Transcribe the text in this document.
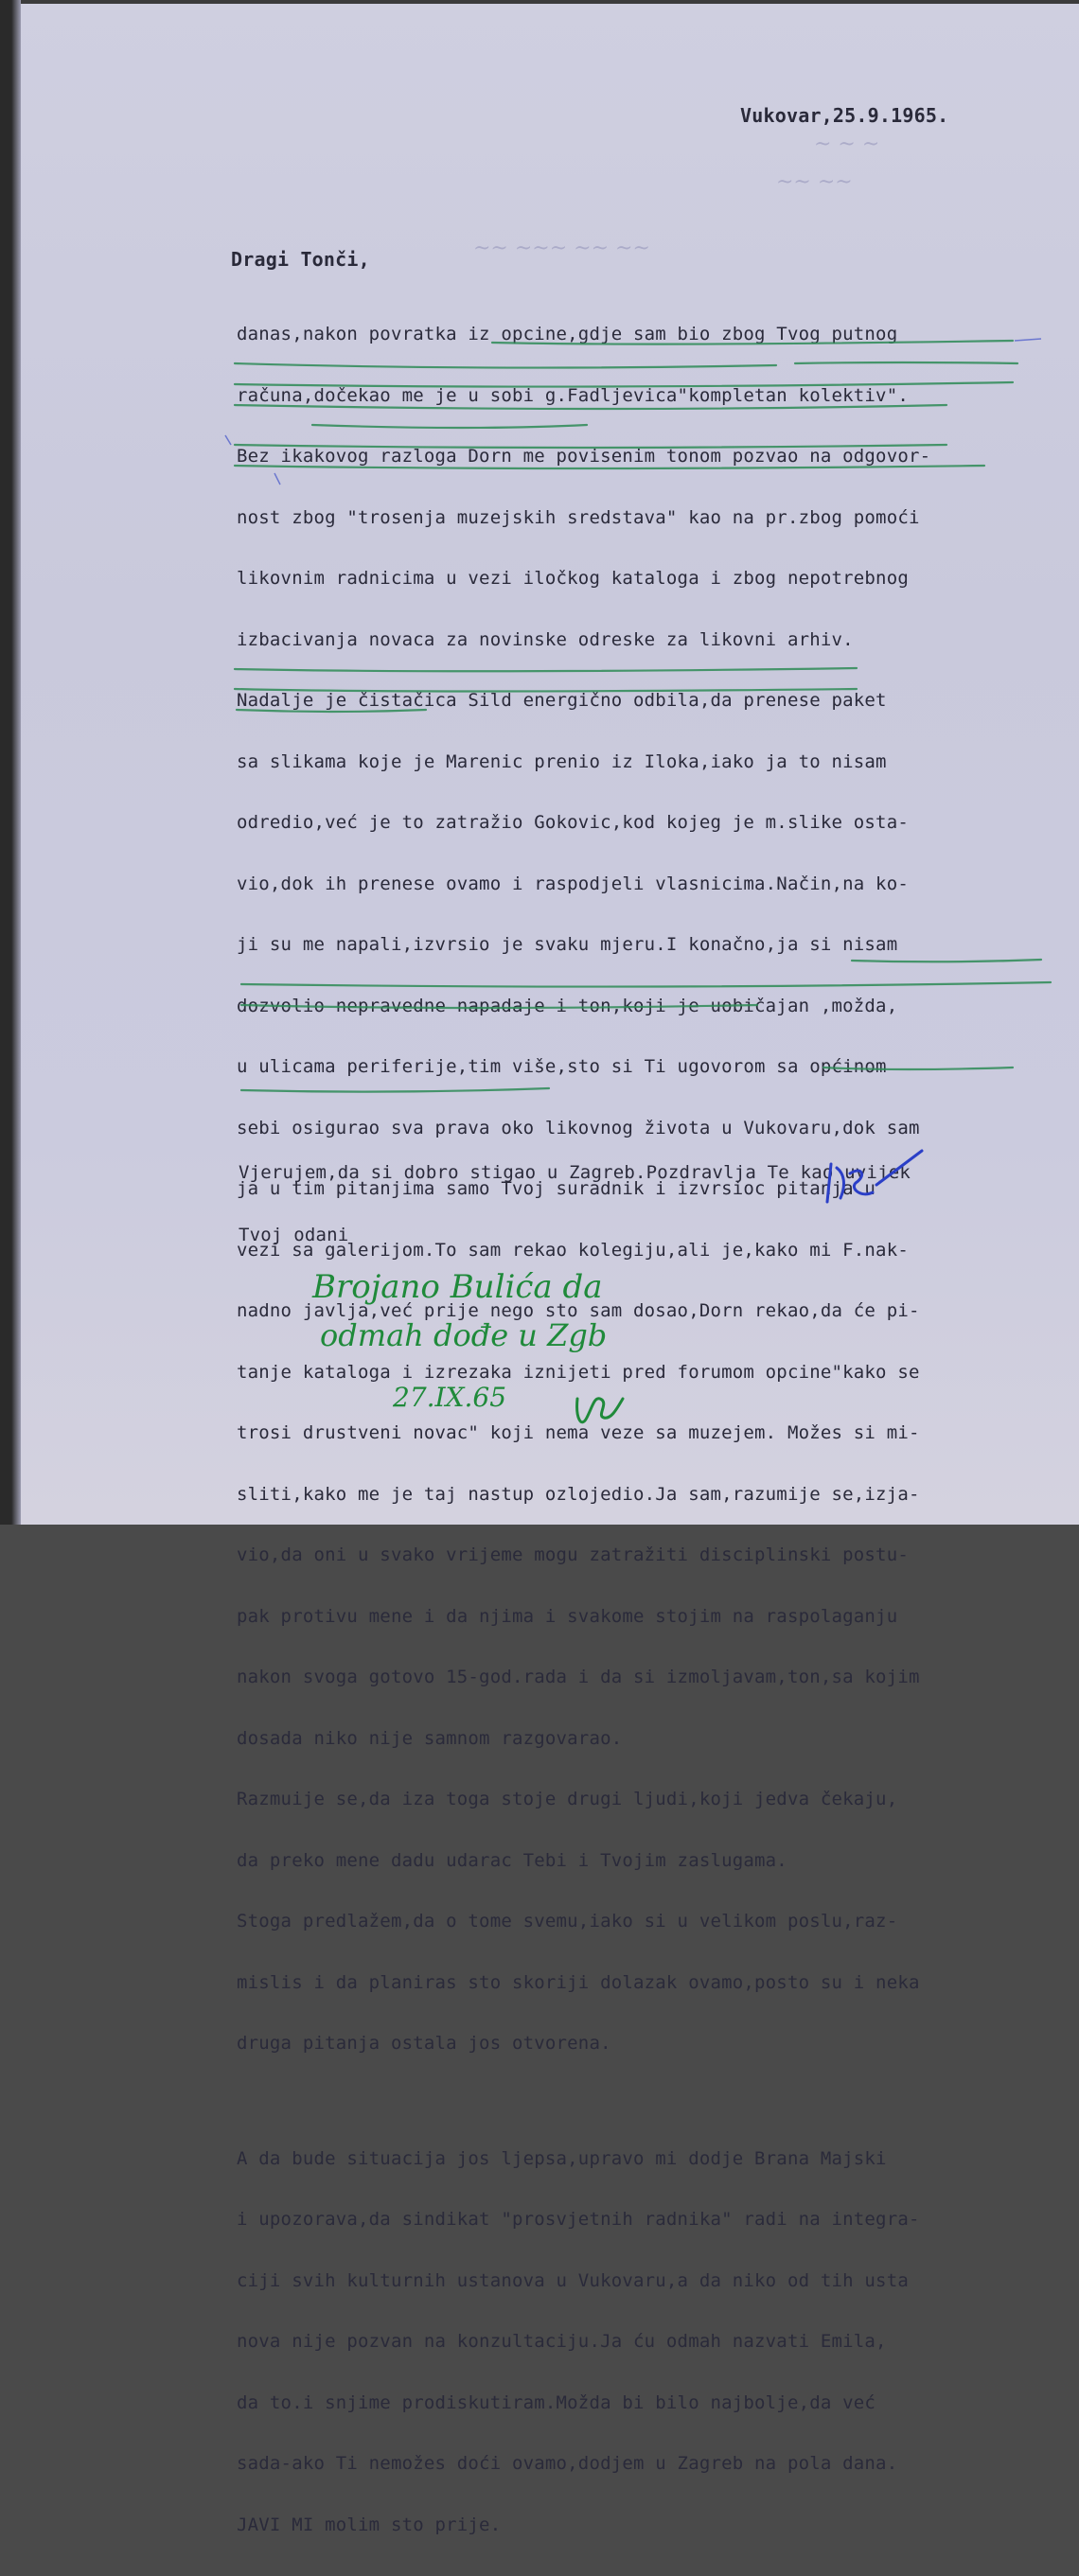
~ ~ ~
~~ ~~
~~ ~~~ ~~ ~~
Vukovar,25.9.1965.
Dragi Tonči,

danas,nakon povratka iz opcine,gdje sam bio zbog Tvog putnog

računa,dočekao me je u sobi g.Fadljevica"kompletan kolektiv".

Bez ikakovog razloga Dorn me povisenim tonom pozvao na odgovor-

nost zbog "trosenja muzejskih sredstava" kao na pr.zbog pomoći

likovnim radnicima u vezi iločkog kataloga i zbog nepotrebnog

izbacivanja novaca za novinske odreske za likovni arhiv.

Nadalje je čistačica Sild energično odbila,da prenese paket

sa slikama koje je Marenic prenio iz Iloka,iako ja to nisam

odredio,već je to zatražio Gokovic,kod kojeg je m.slike osta-

vio,dok ih prenese ovamo i raspodjeli vlasnicima.Način,na ko-

ji su me napali,izvrsio je svaku mjeru.I konačno,ja si nisam

dozvolio nepravedne napadaje i ton,koji je uobičajan ,možda,

u ulicama periferije,tim više,sto si Ti ugovorom sa općinom

sebi osigurao sva prava oko likovnog života u Vukovaru,dok sam

ja u tim pitanjima samo Tvoj suradnik i izvrsioc pitanja u

vezi sa galerijom.To sam rekao kolegiju,ali je,kako mi F.nak-

nadno javlja,već prije nego sto sam dosao,Dorn rekao,da će pi-

tanje kataloga i izrezaka iznijeti pred forumom opcine"kako se

trosi drustveni novac" koji nema veze sa muzejem. Možes si mi-

sliti,kako me je taj nastup ozlojedio.Ja sam,razumije se,izja-

vio,da oni u svako vrijeme mogu zatražiti disciplinski postu-

pak protivu mene i da njima i svakome stojim na raspolaganju

nakon svoga gotovo 15-god.rada i da si izmoljavam,ton,sa kojim

dosada niko nije samnom razgovarao.

Razmuije se,da iza toga stoje drugi ljudi,koji jedva čekaju,

da preko mene dadu udarac Tebi i Tvojim zaslugama.

Stoga predlažem,da o tome svemu,iako si u velikom poslu,raz-

mislis i da planiras sto skoriji dolazak ovamo,posto su i neka

druga pitanja ostala jos otvorena.

A da bude situacija jos ljepsa,upravo mi dodje Brana Majski

i upozorava,da sindikat "prosvjetnih radnika" radi na integra-

ciji svih kulturnih ustanova u Vukovaru,a da niko od tih usta

nova nije pozvan na konzultaciju.Ja ću odmah nazvati Emila,

da to.i snjime prodiskutiram.Možda bi bilo najbolje,da već

sada-ako Ti nemožes doći ovamo,dodjem u Zagreb na pola dana.

JAVI MI molim sto prije.

Vjerujem,da si dobro stigao u Zagreb.Pozdravlja Te kao uvijek

Tvoj odani

Brojano Bulića da
odmah dođe u Zgb
27.IX.65
